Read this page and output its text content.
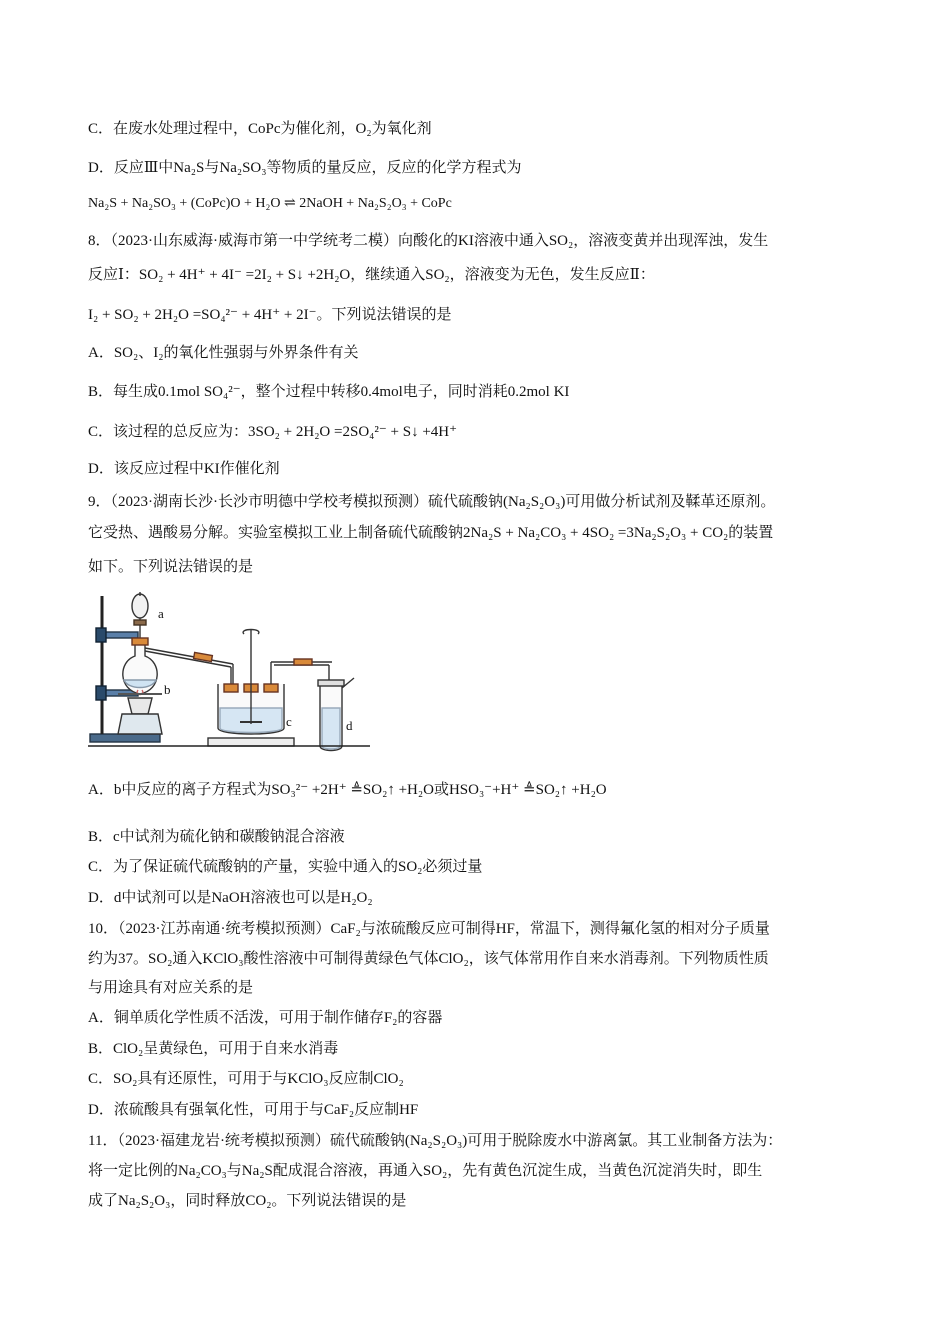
C．在废水处理过程中，CoPc为催化剂，O₂为氧化剂
D．反应Ⅲ中Na₂S与Na₂SO₃等物质的量反应，反应的化学方程式为
Na₂S + Na₂SO₃ + (CoPc)O + H₂O ⇌ 2NaOH + Na₂S₂O₃ + CoPc
8．（2023·山东威海·威海市第一中学统考二模）向酸化的KI溶液中通入SO₂，溶液变黄并出现浑浊，发生
反应Ⅰ：SO₂ + 4H⁺ + 4I⁻ =2I₂ + S↓ +2H₂O，继续通入SO₂，溶液变为无色，发生反应Ⅱ：
I₂ + SO₂ + 2H₂O =SO₄²⁻ + 4H⁺ + 2I⁻。下列说法错误的是
A．SO₂、I₂的氧化性强弱与外界条件有关
B．每生成0.1mol SO₄²⁻，整个过程中转移0.4mol电子，同时消耗0.2mol KI
C．该过程的总反应为：3SO₂ + 2H₂O =2SO₄²⁻ + S↓ +4H⁺
D．该反应过程中KI作催化剂
9．（2023·湖南长沙·长沙市明德中学校考模拟预测）硫代硫酸钠(Na₂S₂O₃)可用做分析试剂及鞣革还原剂。
它受热、遇酸易分解。实验室模拟工业上制备硫代硫酸钠2Na₂S + Na₂CO₃ + 4SO₂ =3Na₂S₂O₃ + CO₂的装置
如下。下列说法错误的是
a
b
c	d
A．b中反应的离子方程式为SO₃²⁻ +2H⁺ ≜SO₂↑ +H₂O或HSO₃⁻+H⁺ ≜SO₂↑ +H₂O
B．c中试剂为硫化钠和碳酸钠混合溶液
C．为了保证硫代硫酸钠的产量，实验中通入的SO₂必须过量
D．d中试剂可以是NaOH溶液也可以是H₂O₂
10．（2023·江苏南通·统考模拟预测）CaF₂与浓硫酸反应可制得HF，常温下，测得氟化氢的相对分子质量
约为37。SO₂通入KClO₃酸性溶液中可制得黄绿色气体ClO₂，该气体常用作自来水消毒剂。下列物质性质
与用途具有对应关系的是
A．铜单质化学性质不活泼，可用于制作储存F₂的容器
B．ClO₂呈黄绿色，可用于自来水消毒
C．SO₂具有还原性，可用于与KClO₃反应制ClO₂
D．浓硫酸具有强氧化性，可用于与CaF₂反应制HF
11．（2023·福建龙岩·统考模拟预测）硫代硫酸钠(Na₂S₂O₃)可用于脱除废水中游离氯。其工业制备方法为：
将一定比例的Na₂CO₃与Na₂S配成混合溶液，再通入SO₂，先有黄色沉淀生成，当黄色沉淀消失时，即生
成了Na₂S₂O₃，同时释放CO₂。下列说法错误的是
